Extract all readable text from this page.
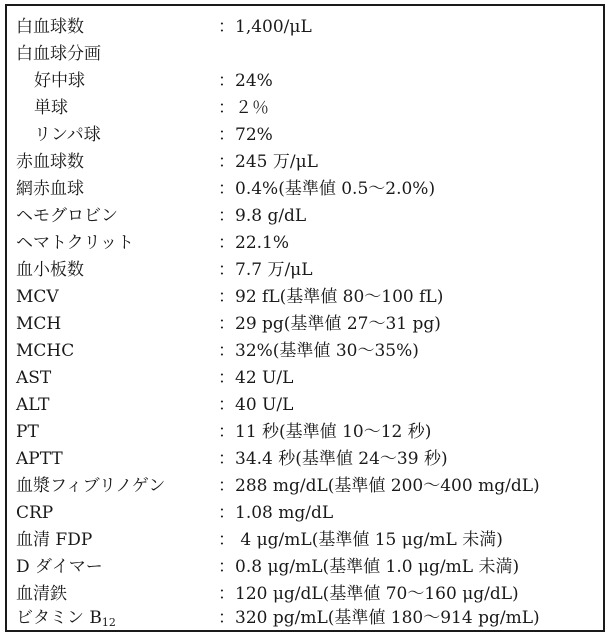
白血球数	：1,400/μL
白血球分画
好中球	：24%
単球	：２％
リンパ球	：72%
赤血球数	：245 万/μL
網赤血球	：0.4%(基準値 0.5〜2.0%)
ヘモグロビン	：9.8 g/dL
ヘマトクリット	：22.1%
血小板数	：7.7 万/μL
MCV	：92 fL(基準値 80〜100 fL)
MCH	：29 pg(基準値 27〜31 pg)
MCHC	：32%(基準値 30〜35%)
AST	：42 U/L
ALT	：40 U/L
PT	：11 秒(基準値 10〜12 秒)
APTT	：34.4 秒(基準値 24〜39 秒)
血漿フィブリノゲン	：288 mg/dL(基準値 200〜400 mg/dL)
CRP	：1.08 mg/dL
血清 FDP	： 4 μg/mL(基準値 15 μg/mL 未満)
D ダイマー	：0.8 μg/mL(基準値 1.0 μg/mL 未満)
血清鉄	：120 μg/dL(基準値 70〜160 μg/dL)
ビタミン $B_{12}$	：320 pg/mL(基準値 180〜914 pg/mL)
